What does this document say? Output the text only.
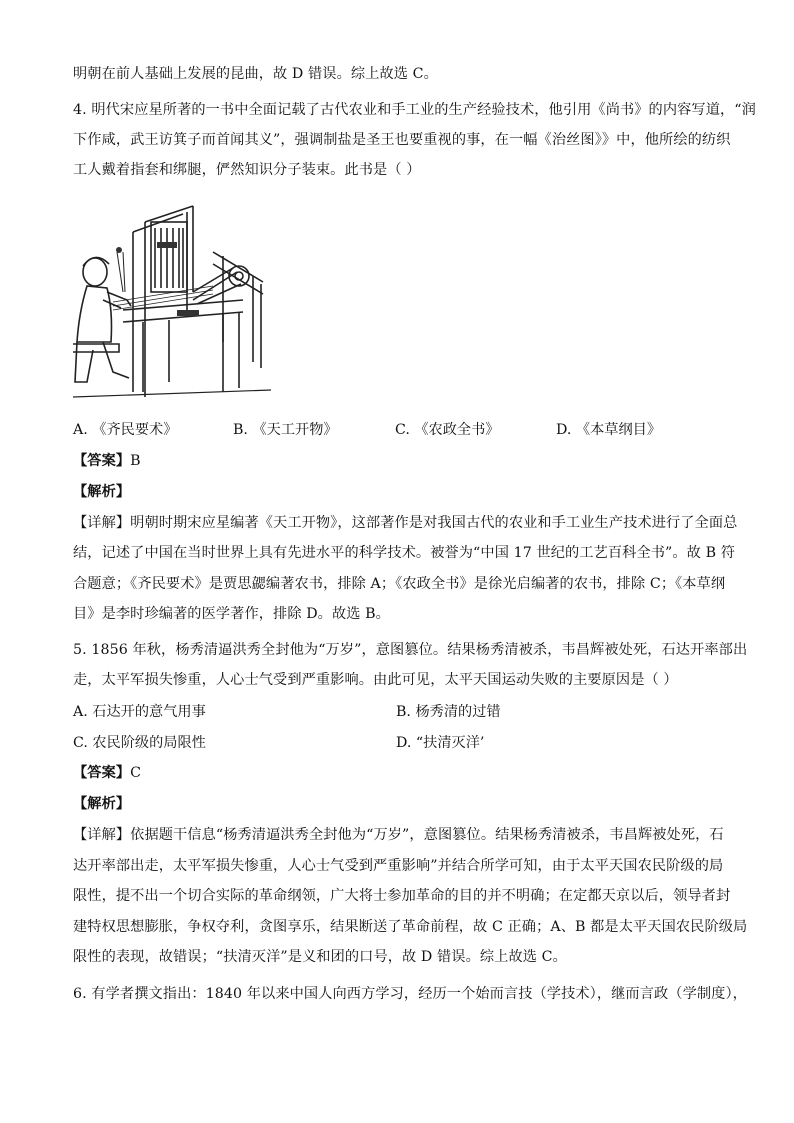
明朝在前人基础上发展的昆曲，故 D 错误。综上故选 C。
4. 明代宋应星所著的一书中全面记载了古代农业和手工业的生产经验技术，他引用《尚书》的内容写道，“润
下作咸，武王访箕子而首闻其义”，强调制盐是圣王也要重视的事，在一幅《治丝图》》中，他所绘的纺织
工人戴着指套和绑腿，俨然知识分子装束。此书是（ ）
A. 《齐民要术》	B. 《天工开物》	C. 《农政全书》	D. 《本草纲目》
【答案】B
【解析】
【详解】明朝时期宋应星编著《天工开物》，这部著作是对我国古代的农业和手工业生产技术进行了全面总
结，记述了中国在当时世界上具有先进水平的科学技术。被誉为“中国 17 世纪的工艺百科全书”。故 B 符
合题意；《齐民要术》是贾思勰编著农书，排除 A；《农政全书》是徐光启编著的农书，排除 C；《本草纲
目》是李时珍编著的医学著作，排除 D。故选 B。
5. 1856 年秋，杨秀清逼洪秀全封他为“万岁”，意图篡位。结果杨秀清被杀，韦昌辉被处死，石达开率部出
走，太平军损失惨重，人心士气受到严重影响。由此可见，太平天国运动失败的主要原因是（ ）
A. 石达开的意气用事	B. 杨秀清的过错
C. 农民阶级的局限性	D. “扶清灭洋’
【答案】C
【解析】
【详解】依据题干信息“杨秀清逼洪秀全封他为“万岁”，意图篡位。结果杨秀清被杀，韦昌辉被处死，石
达开率部出走，太平军损失惨重，人心士气受到严重影响”并结合所学可知，由于太平天国农民阶级的局
限性，提不出一个切合实际的革命纲领，广大将士参加革命的目的并不明确；在定都天京以后，领导者封
建特权思想膨胀，争权夺利，贪图享乐，结果断送了革命前程，故 C 正确；A、B 都是太平天国农民阶级局
限性的表现，故错误；“扶清灭洋”是义和团的口号，故 D 错误。综上故选 C。
6. 有学者撰文指出：1840 年以来中国人向西方学习，经历一个始而言技（学技术），继而言政（学制度），
